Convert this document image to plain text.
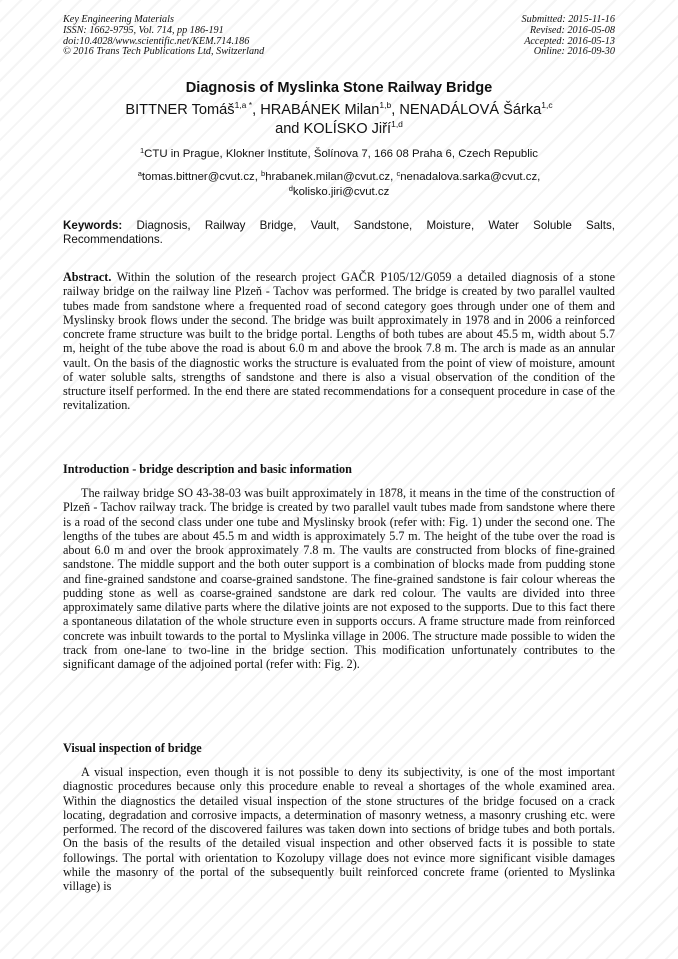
Key Engineering Materials
ISSN: 1662-9795, Vol. 714, pp 186-191
doi:10.4028/www.scientific.net/KEM.714.186
© 2016 Trans Tech Publications Ltd, Switzerland
Submitted: 2015-11-16
Revised: 2016-05-08
Accepted: 2016-05-13
Online: 2016-09-30
Diagnosis of Myslinka Stone Railway Bridge
BITTNER Tomáš$^{1,a *}$, HRABÁNEK Milan$^{1,b}$, NENADÁLOVÁ Šárka$^{1,c}$
and KOLÍSKO Jiří$^{1,d}$
$^1$CTU in Prague, Klokner Institute, Šolínova 7, 166 08 Praha 6, Czech Republic
$^a$tomas.bittner@cvut.cz, $^b$hrabanek.milan@cvut.cz, $^c$nenadalova.sarka@cvut.cz,
$^d$kolisko.jiri@cvut.cz
Keywords: Diagnosis, Railway Bridge, Vault, Sandstone, Moisture, Water Soluble Salts, Recommendations.
Abstract. Within the solution of the research project GAČR P105/12/G059 a detailed diagnosis of a stone railway bridge on the railway line Plzeň - Tachov was performed. The bridge is created by two parallel vaulted tubes made from sandstone where a frequented road of second category goes through under one of them and Myslinsky brook flows under the second. The bridge was built approximately in 1978 and in 2006 a reinforced concrete frame structure was built to the bridge portal. Lengths of both tubes are about 45.5 m, width about 5.7 m, height of the tube above the road is about 6.0 m and above the brook 7.8 m. The arch is made as an annular vault. On the basis of the diagnostic works the structure is evaluated from the point of view of moisture, amount of water soluble salts, strengths of sandstone and there is also a visual observation of the condition of the structure itself performed. In the end there are stated recommendations for a consequent procedure in case of the revitalization.
Introduction - bridge description and basic information
The railway bridge SO 43-38-03 was built approximately in 1878, it means in the time of the construction of Plzeň - Tachov railway track. The bridge is created by two parallel vault tubes made from sandstone where there is a road of the second class under one tube and Myslinsky brook (refer with: Fig. 1) under the second one. The lengths of the tubes are about 45.5 m and width is approximately 5.7 m. The height of the tube over the road is about 6.0 m and over the brook approximately 7.8 m. The vaults are constructed from blocks of fine-grained sandstone. The middle support and the both outer support is a combination of blocks made from pudding stone and fine-grained sandstone and coarse-grained sandstone. The fine-grained sandstone is fair colour whereas the pudding stone as well as coarse-grained sandstone are dark red colour. The vaults are divided into three approximately same dilative parts where the dilative joints are not exposed to the supports. Due to this fact there a spontaneous dilatation of the whole structure even in supports occurs. A frame structure made from reinforced concrete was inbuilt towards to the portal to Myslinka village in 2006. The structure made possible to widen the track from one-lane to two-line in the bridge section. This modification unfortunately contributes to the significant damage of the adjoined portal (refer with: Fig. 2).
Visual inspection of bridge
A visual inspection, even though it is not possible to deny its subjectivity, is one of the most important diagnostic procedures because only this procedure enable to reveal a shortages of the whole examined area. Within the diagnostics the detailed visual inspection of the stone structures of the bridge focused on a crack locating, degradation and corrosive impacts, a determination of masonry wetness, a masonry crushing etc. were performed. The record of the discovered failures was taken down into sections of bridge tubes and both portals. On the basis of the results of the detailed visual inspection and other observed facts it is possible to state followings. The portal with orientation to Kozolupy village does not evince more significant visible damages while the masonry of the portal of the subsequently built reinforced concrete frame (oriented to Myslinka village) is
